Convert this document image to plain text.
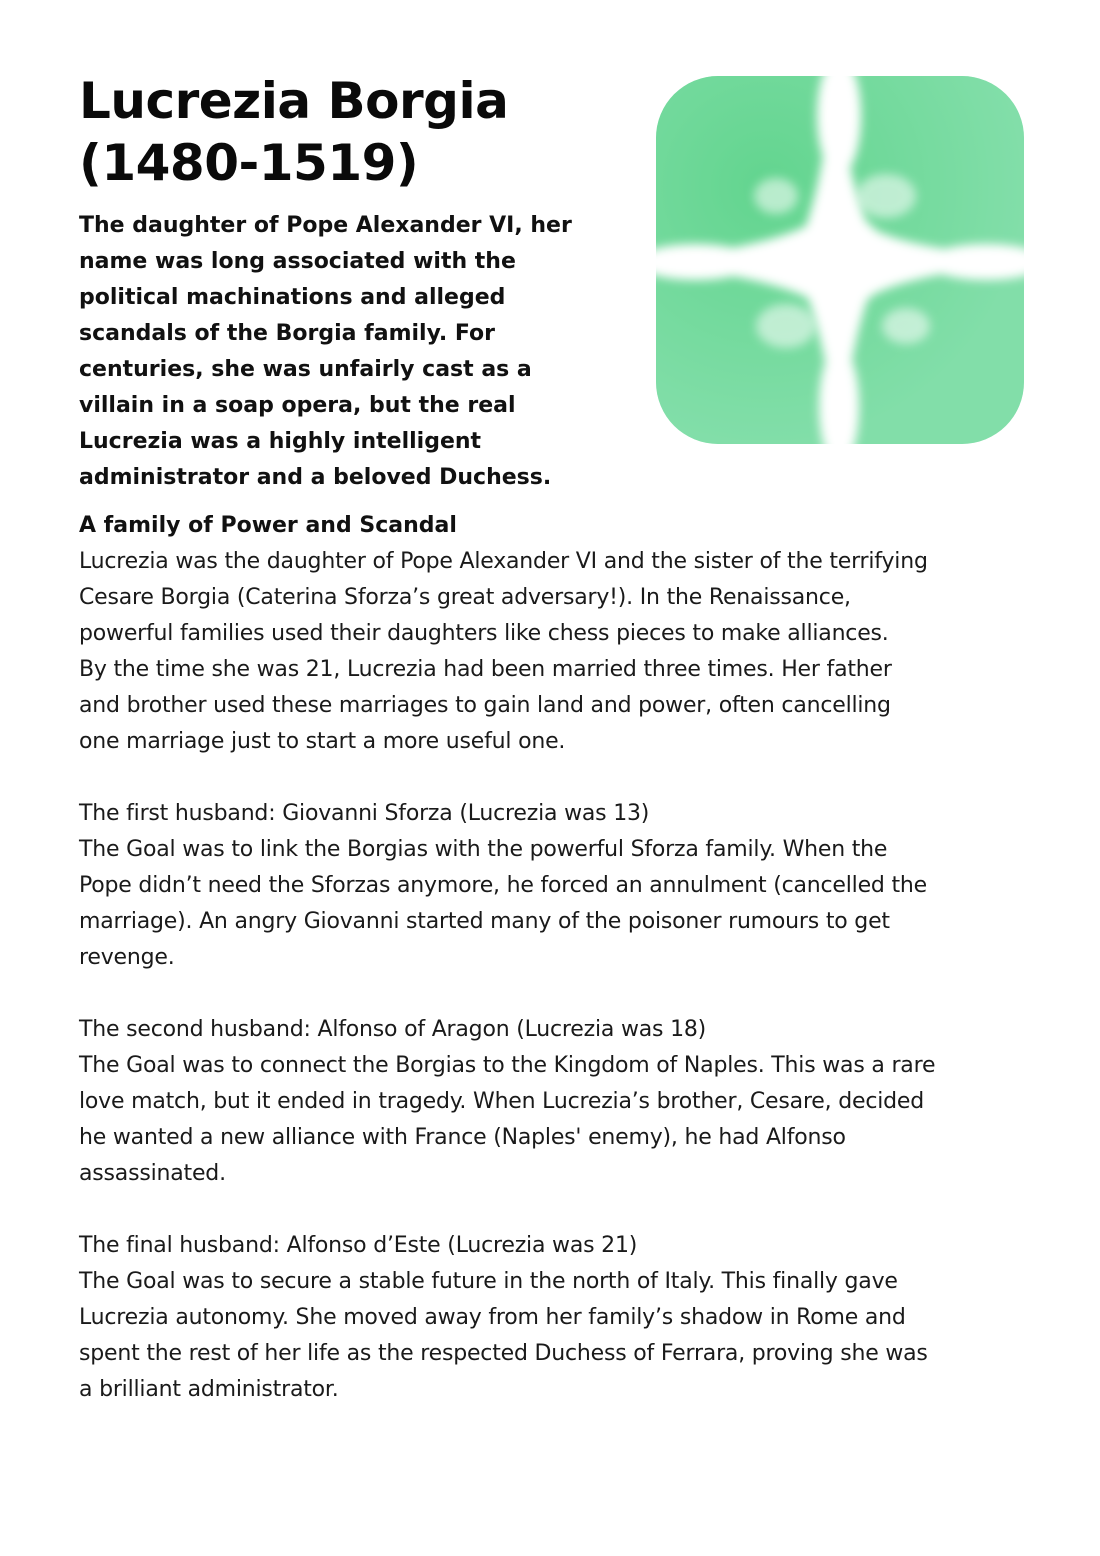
Lucrezia Borgia
(1480-1519)
The daughter of Pope Alexander VI, her
name was long associated with the
political machinations and alleged
scandals of the Borgia family. For
centuries, she was unfairly cast as a
villain in a soap opera, but the real
Lucrezia was a highly intelligent
administrator and a beloved Duchess.
A family of Power and Scandal

Lucrezia was the daughter of Pope Alexander VI and the sister of the terrifying
Cesare Borgia (Caterina Sforza’s great adversary!). In the Renaissance,
powerful families used their daughters like chess pieces to make alliances.
By the time she was 21, Lucrezia had been married three times. Her father
and brother used these marriages to gain land and power, often cancelling
one marriage just to start a more useful one.

The first husband: Giovanni Sforza (Lucrezia was 13)
The Goal was to link the Borgias with the powerful Sforza family. When the
Pope didn’t need the Sforzas anymore, he forced an annulment (cancelled the
marriage). An angry Giovanni started many of the poisoner rumours to get
revenge.

The second husband: Alfonso of Aragon (Lucrezia was 18)
The Goal was to connect the Borgias to the Kingdom of Naples. This was a rare
love match, but it ended in tragedy. When Lucrezia’s brother, Cesare, decided
he wanted a new alliance with France (Naples' enemy), he had Alfonso
assassinated.

The final husband: Alfonso d’Este (Lucrezia was 21)
The Goal was to secure a stable future in the north of Italy. This finally gave
Lucrezia autonomy. She moved away from her family’s shadow in Rome and
spent the rest of her life as the respected Duchess of Ferrara, proving she was
a brilliant administrator.
